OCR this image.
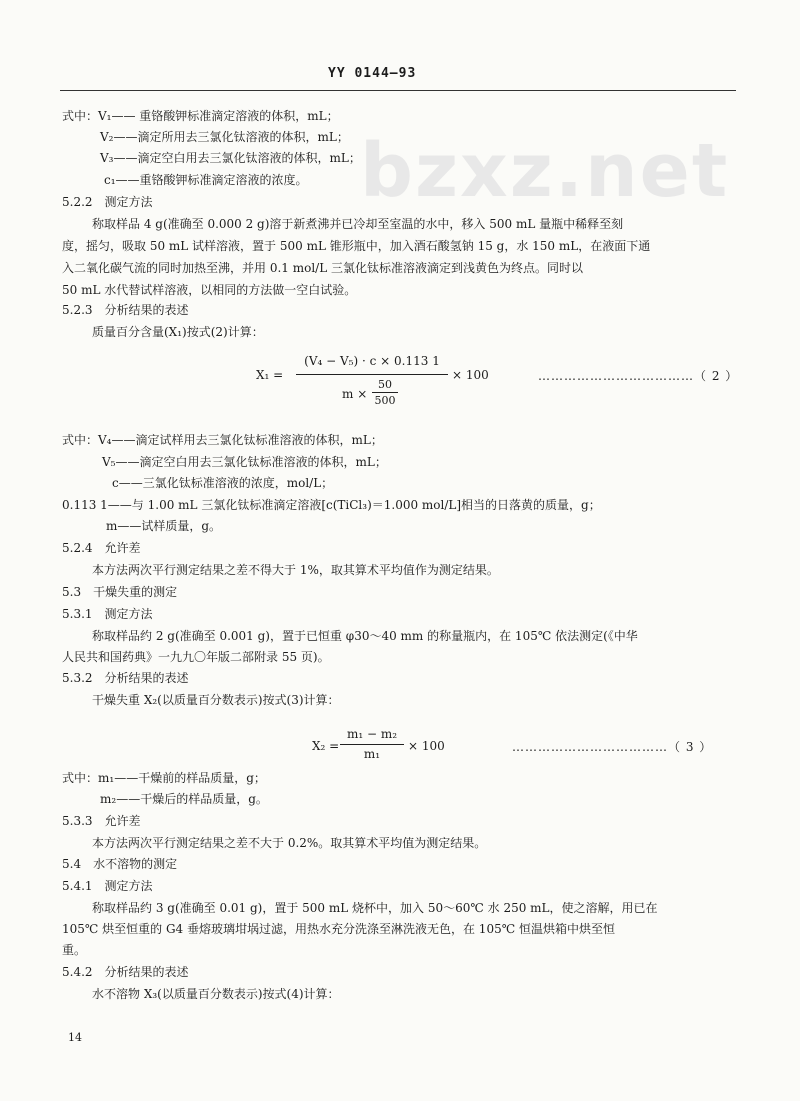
YY 0144—93
bzxz.net
式中：V₁—— 重铬酸钾标准滴定溶液的体积，mL；
V₂——滴定所用去三氯化钛溶液的体积，mL；
V₃——滴定空白用去三氯化钛溶液的体积，mL；
c₁——重铬酸钾标准滴定溶液的浓度。
5.2.2　测定方法
称取样品 4 g(准确至 0.000 2 g)溶于新煮沸并已冷却至室温的水中，移入 500 mL 量瓶中稀释至刻
度，摇匀，吸取 50 mL 试样溶液，置于 500 mL 锥形瓶中，加入酒石酸氢钠 15 g，水 150 mL，在液面下通
入二氧化碳气流的同时加热至沸，并用 0.1 mol/L 三氯化钛标准溶液滴定到浅黄色为终点。同时以
50 mL 水代替试样溶液，以相同的方法做一空白试验。
5.2.3　分析结果的表述
质量百分含量(X₁)按式(2)计算：
X₁ =
(V₄ − V₅) · c × 0.113 1
m ×
50
500
× 100	………………………………（ 2 ）
式中：V₄——滴定试样用去三氯化钛标准溶液的体积，mL；
V₅——滴定空白用去三氯化钛标准溶液的体积，mL；
c——三氯化钛标准溶液的浓度，mol/L；
0.113 1——与 1.00 mL 三氯化钛标准滴定溶液[c(TiCl₃)＝1.000 mol/L]相当的日落黄的质量，g；
m——试样质量，g。
5.2.4　允许差
本方法两次平行测定结果之差不得大于 1%，取其算术平均值作为测定结果。
5.3　干燥失重的测定
5.3.1　测定方法
称取样品约 2 g(准确至 0.001 g)，置于已恒重 φ30～40 mm 的称量瓶内，在 105℃ 依法测定(《中华
人民共和国药典》一九九〇年版二部附录 55 页)。
5.3.2　分析结果的表述
干燥失重 X₂(以质量百分数表示)按式(3)计算：
X₂ =
m₁ − m₂
m₁
× 100	………………………………（ 3 ）
式中：m₁——干燥前的样品质量，g；
m₂——干燥后的样品质量，g。
5.3.3　允许差
本方法两次平行测定结果之差不大于 0.2%。取其算术平均值为测定结果。
5.4　水不溶物的测定
5.4.1　测定方法
称取样品约 3 g(准确至 0.01 g)，置于 500 mL 烧杯中，加入 50～60℃ 水 250 mL，使之溶解，用已在
105℃ 烘至恒重的 G4 垂熔玻璃坩埚过滤，用热水充分洗涤至淋洗液无色，在 105℃ 恒温烘箱中烘至恒
重。
5.4.2　分析结果的表述
水不溶物 X₃(以质量百分数表示)按式(4)计算：
14
